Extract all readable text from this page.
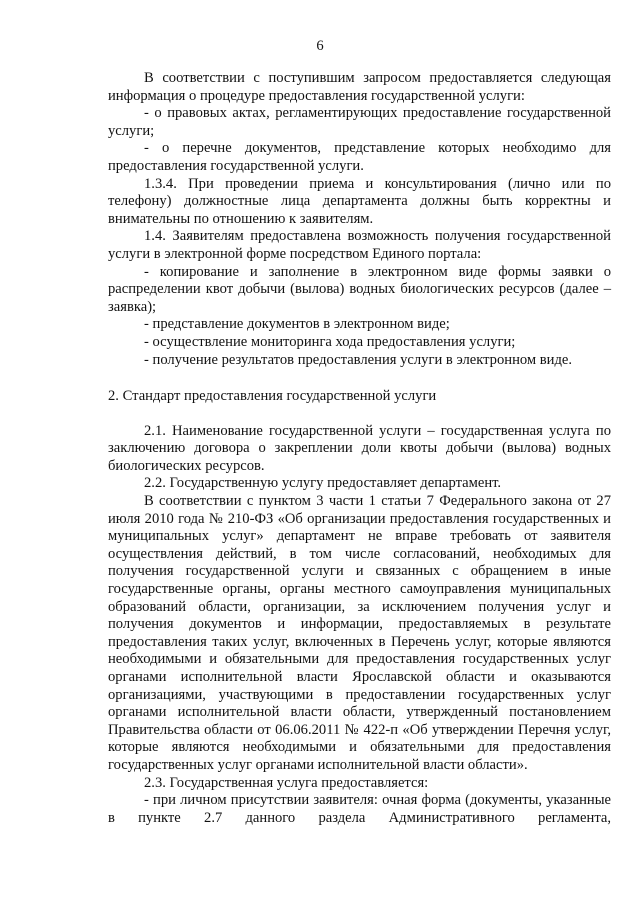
6

В соответствии с поступившим запросом предоставляется следующая информация о процедуре предоставления государственной услуги:

- о правовых актах, регламентирующих предоставление государственной услуги;

- о перечне документов, представление которых необходимо для предоставления государственной услуги.

1.3.4. При проведении приема и консультирования (лично или по телефону) должностные лица департамента должны быть корректны и внимательны по отношению к заявителям.

1.4. Заявителям предоставлена возможность получения государственной услуги в электронной форме посредством Единого портала:

- копирование и заполнение в электронном виде формы заявки о распределении квот добычи (вылова) водных биологических ресурсов (далее – заявка);

- представление документов в электронном виде;

- осуществление мониторинга хода предоставления услуги;

- получение результатов предоставления услуги в электронном виде.

2. Стандарт предоставления государственной услуги

2.1. Наименование государственной услуги – государственная услуга по заключению договора о закреплении доли квоты добычи (вылова) водных биологических ресурсов.

2.2. Государственную услугу предоставляет департамент.

В соответствии с пунктом 3 части 1 статьи 7 Федерального закона от 27 июля 2010 года № 210-ФЗ «Об организации предоставления государственных и муниципальных услуг» департамент не вправе требовать от заявителя осуществления действий, в том числе согласований, необходимых для получения государственной услуги и связанных с обращением в иные государственные органы, органы местного самоуправления муниципальных образований области, организации, за исключением получения услуг и получения документов и информации, предоставляемых в результате предоставления таких услуг, включенных в Перечень услуг, которые являются необходимыми и обязательными для предоставления государственных услуг органами исполнительной власти Ярославской области и оказываются организациями, участвующими в предоставлении государственных услуг органами исполнительной власти области, утвержденный постановлением Правительства области от 06.06.2011 № 422-п «Об утверждении Перечня услуг, которые являются необходимыми и обязательными для предоставления государственных услуг органами исполнительной власти области».

2.3. Государственная услуга предоставляется:

- при личном присутствии заявителя: очная форма (документы, указанные в пункте 2.7 данного раздела Административного регламента,
